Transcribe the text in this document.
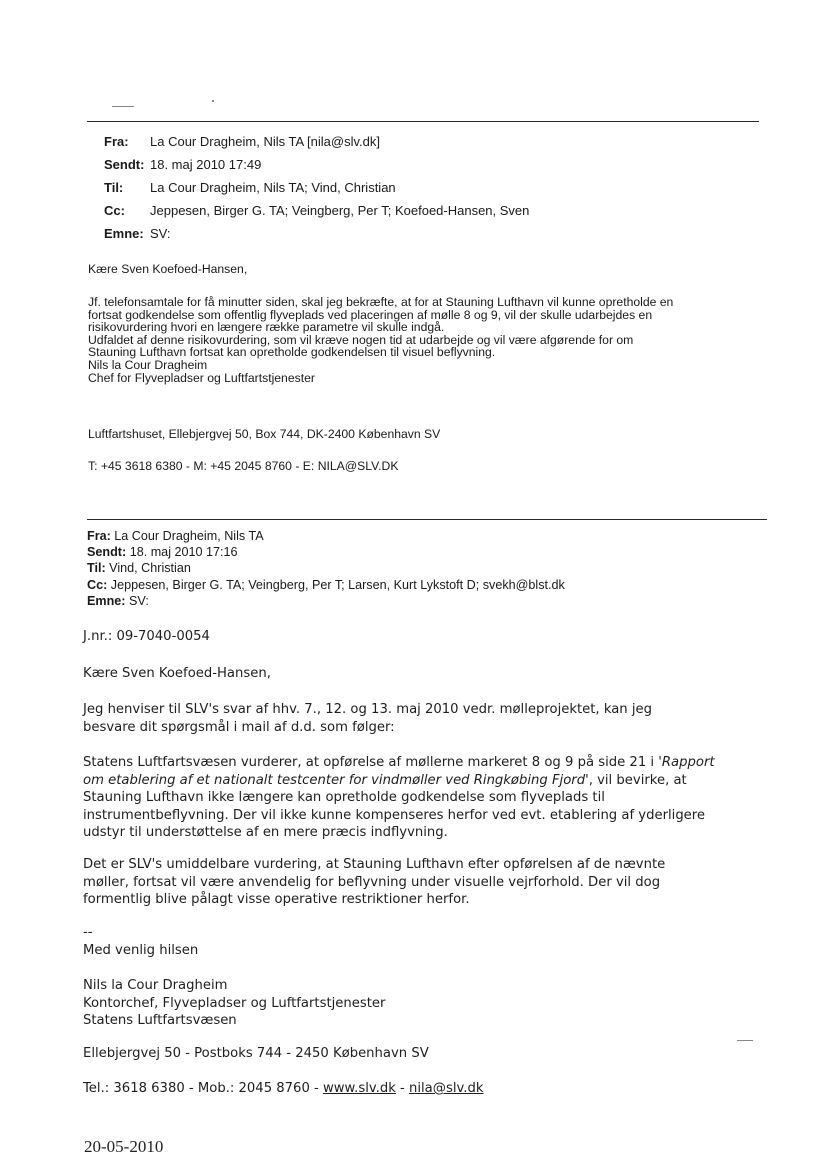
Fra: La Cour Dragheim, Nils TA [nila@slv.dk]
Sendt: 18. maj 2010 17:49
Til: La Cour Dragheim, Nils TA; Vind, Christian
Cc: Jeppesen, Birger G. TA; Veingberg, Per T; Koefoed-Hansen, Sven
Emne: SV:

Kære Sven Koefoed-Hansen,

Jf. telefonsamtale for få minutter siden, skal jeg bekræfte, at for at Stauning Lufthavn vil kunne opretholde en

fortsat godkendelse som offentlig flyveplads ved placeringen af mølle 8 og 9, vil der skulle udarbejdes en

risikovurdering hvori en længere række parametre vil skulle indgå.

Udfaldet af denne risikovurdering, som vil kræve nogen tid at udarbejde og vil være afgørende for om

Stauning Lufthavn fortsat kan opretholde godkendelsen til visuel beflyvning.

Nils la Cour Dragheim

Chef for Flyvepladser og Luftfartstjenester

Luftfartshuset, Ellebjergvej 50, Box 744, DK-2400 København SV

T: +45 3618 6380 - M: +45 2045 8760 - E: NILA@SLV.DK

Fra: La Cour Dragheim, Nils TA
Sendt: 18. maj 2010 17:16
Til: Vind, Christian
Cc: Jeppesen, Birger G. TA; Veingberg, Per T; Larsen, Kurt Lykstoft D; svekh@blst.dk
Emne: SV:

J.nr.: 09-7040-0054

Kære Sven Koefoed-Hansen,

Jeg henviser til SLV's svar af hhv. 7., 12. og 13. maj 2010 vedr. mølleprojektet, kan jeg

besvare dit spørgsmål i mail af d.d. som følger:

Statens Luftfartsvæsen vurderer, at opførelse af møllerne markeret 8 og 9 på side 21 i 'Rapport

om etablering af et nationalt testcenter for vindmøller ved Ringkøbing Fjord', vil bevirke, at

Stauning Lufthavn ikke længere kan opretholde godkendelse som flyveplads til

instrumentbeflyvning. Der vil ikke kunne kompenseres herfor ved evt. etablering af yderligere

udstyr til understøttelse af en mere præcis indflyvning.

Det er SLV's umiddelbare vurdering, at Stauning Lufthavn efter opførelsen af de nævnte

møller, fortsat vil være anvendelig for beflyvning under visuelle vejrforhold. Der vil dog

formentlig blive pålagt visse operative restriktioner herfor.

--

Med venlig hilsen

Nils la Cour Dragheim

Kontorchef, Flyvepladser og Luftfartstjenester

Statens Luftfartsvæsen

Ellebjergvej 50 - Postboks 744 - 2450 København SV

Tel.: 3618 6380 - Mob.: 2045 8760 - www.slv.dk - nila@slv.dk

20-05-2010
